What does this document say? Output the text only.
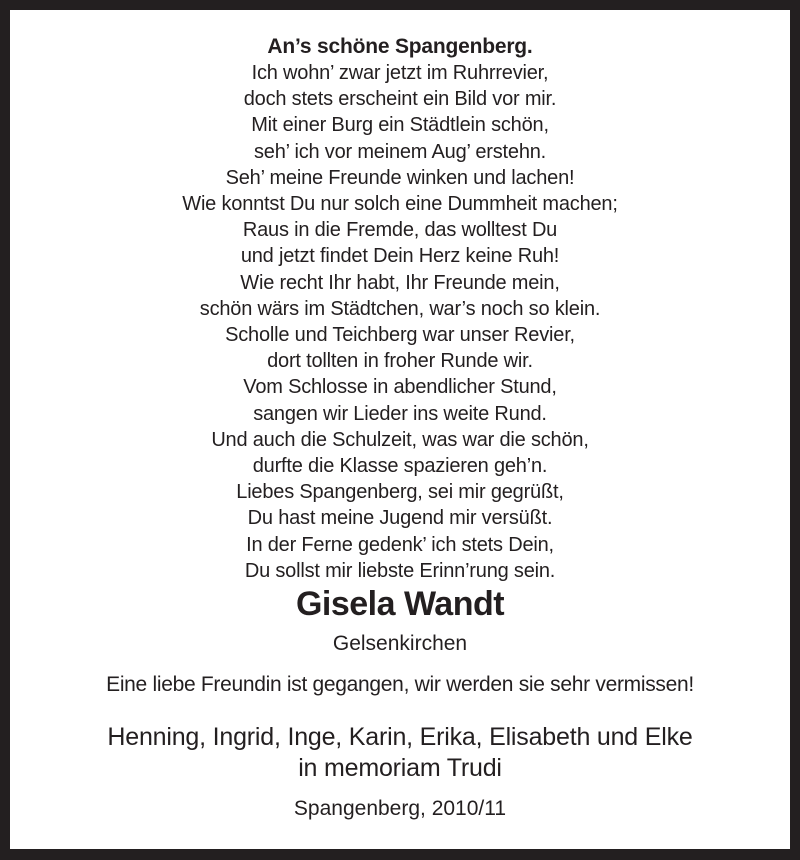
An’s schöne Spangenberg.
Ich wohn’ zwar jetzt im Ruhrrevier,
doch stets erscheint ein Bild vor mir.
Mit einer Burg ein Städtlein schön,
seh’ ich vor meinem Aug’ erstehn.
Seh’ meine Freunde winken und lachen!
Wie konntst Du nur solch eine Dummheit machen;
Raus in die Fremde, das wolltest Du
und jetzt findet Dein Herz keine Ruh!
Wie recht Ihr habt, Ihr Freunde mein,
schön wärs im Städtchen, war’s noch so klein.
Scholle und Teichberg war unser Revier,
dort tollten in froher Runde wir.
Vom Schlosse in abendlicher Stund,
sangen wir Lieder ins weite Rund.
Und auch die Schulzeit, was war die schön,
durfte die Klasse spazieren geh’n.
Liebes Spangenberg, sei mir gegrüßt,
Du hast meine Jugend mir versüßt.
In der Ferne gedenk’ ich stets Dein,
Du sollst mir liebste Erinn’rung sein.
Gisela Wandt
Gelsenkirchen
Eine liebe Freundin ist gegangen, wir werden sie sehr vermissen!
Henning, Ingrid, Inge, Karin, Erika, Elisabeth und Elke
in memoriam Trudi
Spangenberg, 2010/11
